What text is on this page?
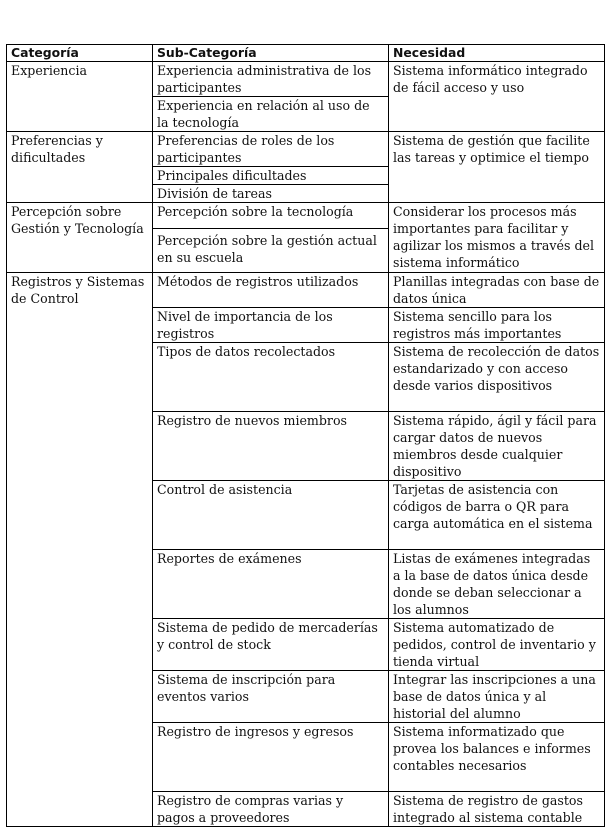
Categoría	Sub-Categoría	Necesidad
Experiencia	Experiencia administrativa de los participantes	Sistema informático integrado de fácil acceso y uso
	Experiencia en relación al uso de la tecnología	
Preferencias y dificultades	Preferencias de roles de los participantes	Sistema de gestión que facilite las tareas y optimice el tiempo
	Principales dificultades	
	División de tareas	
Percepción sobre Gestión y Tecnología	Percepción sobre la tecnología	Considerar los procesos más importantes para facilitar y agilizar los mismos a través del sistema informático
	Percepción sobre la gestión actual en su escuela	
Registros y Sistemas de Control	Métodos de registros utilizados	Planillas integradas con base de datos única
	Nivel de importancia de los registros	Sistema sencillo para los registros más importantes
	Tipos de datos recolectados	Sistema de recolección de datos estandarizado y con acceso desde varios dispositivos
	Registro de nuevos miembros	Sistema rápido, ágil y fácil para cargar datos de nuevos miembros desde cualquier dispositivo
	Control de asistencia	Tarjetas de asistencia con códigos de barra o QR para carga automática en el sistema
	Reportes de exámenes	Listas de exámenes integradas a la base de datos única desde donde se deban seleccionar a los alumnos
	Sistema de pedido de mercaderías y control de stock	Sistema automatizado de pedidos, control de inventario y tienda virtual
	Sistema de inscripción para eventos varios	Integrar las inscripciones a una base de datos única y al historial del alumno
	Registro de ingresos y egresos	Sistema informatizado que provea los balances e informes contables necesarios
	Registro de compras varias y pagos a proveedores	Sistema de registro de gastos integrado al sistema contable
